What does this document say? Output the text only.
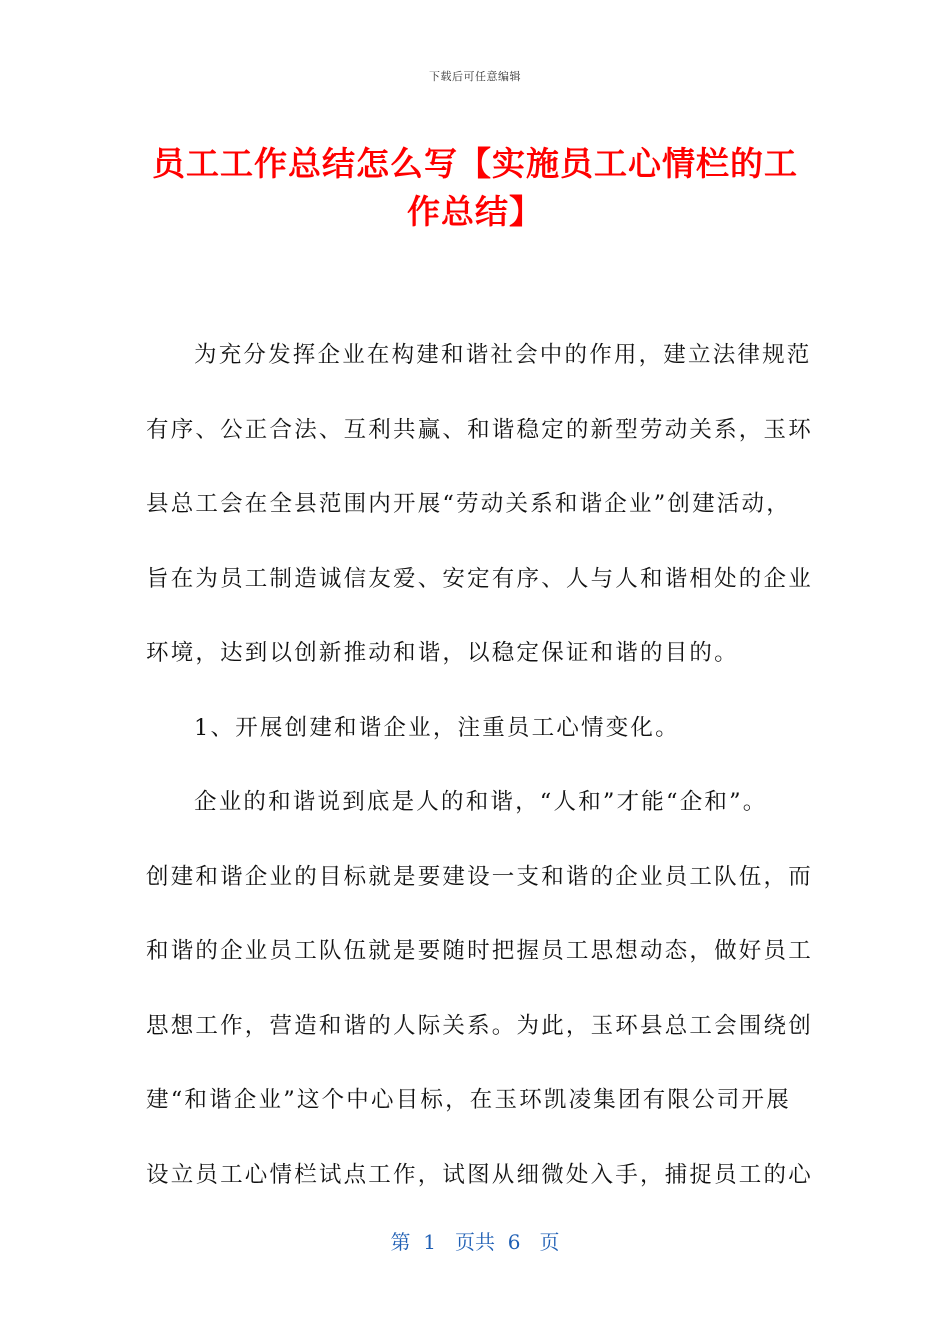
下载后可任意编辑
员工工作总结怎么写【实施员工心情栏的工
作总结】
为充分发挥企业在构建和谐社会中的作用，建立法律规范
有序、公正合法、互利共赢、和谐稳定的新型劳动关系，玉环
县总工会在全县范围内开展“劳动关系和谐企业”创建活动，
旨在为员工制造诚信友爱、安定有序、人与人和谐相处的企业
环境，达到以创新推动和谐，以稳定保证和谐的目的。
1、开展创建和谐企业，注重员工心情变化。
企业的和谐说到底是人的和谐，“人和”才能“企和”。
创建和谐企业的目标就是要建设一支和谐的企业员工队伍，而
和谐的企业员工队伍就是要随时把握员工思想动态，做好员工
思想工作，营造和谐的人际关系。为此，玉环县总工会围绕创
建“和谐企业”这个中心目标，在玉环凯凌集团有限公司开展
设立员工心情栏试点工作，试图从细微处入手，捕捉员工的心
第  1   页共  6   页
